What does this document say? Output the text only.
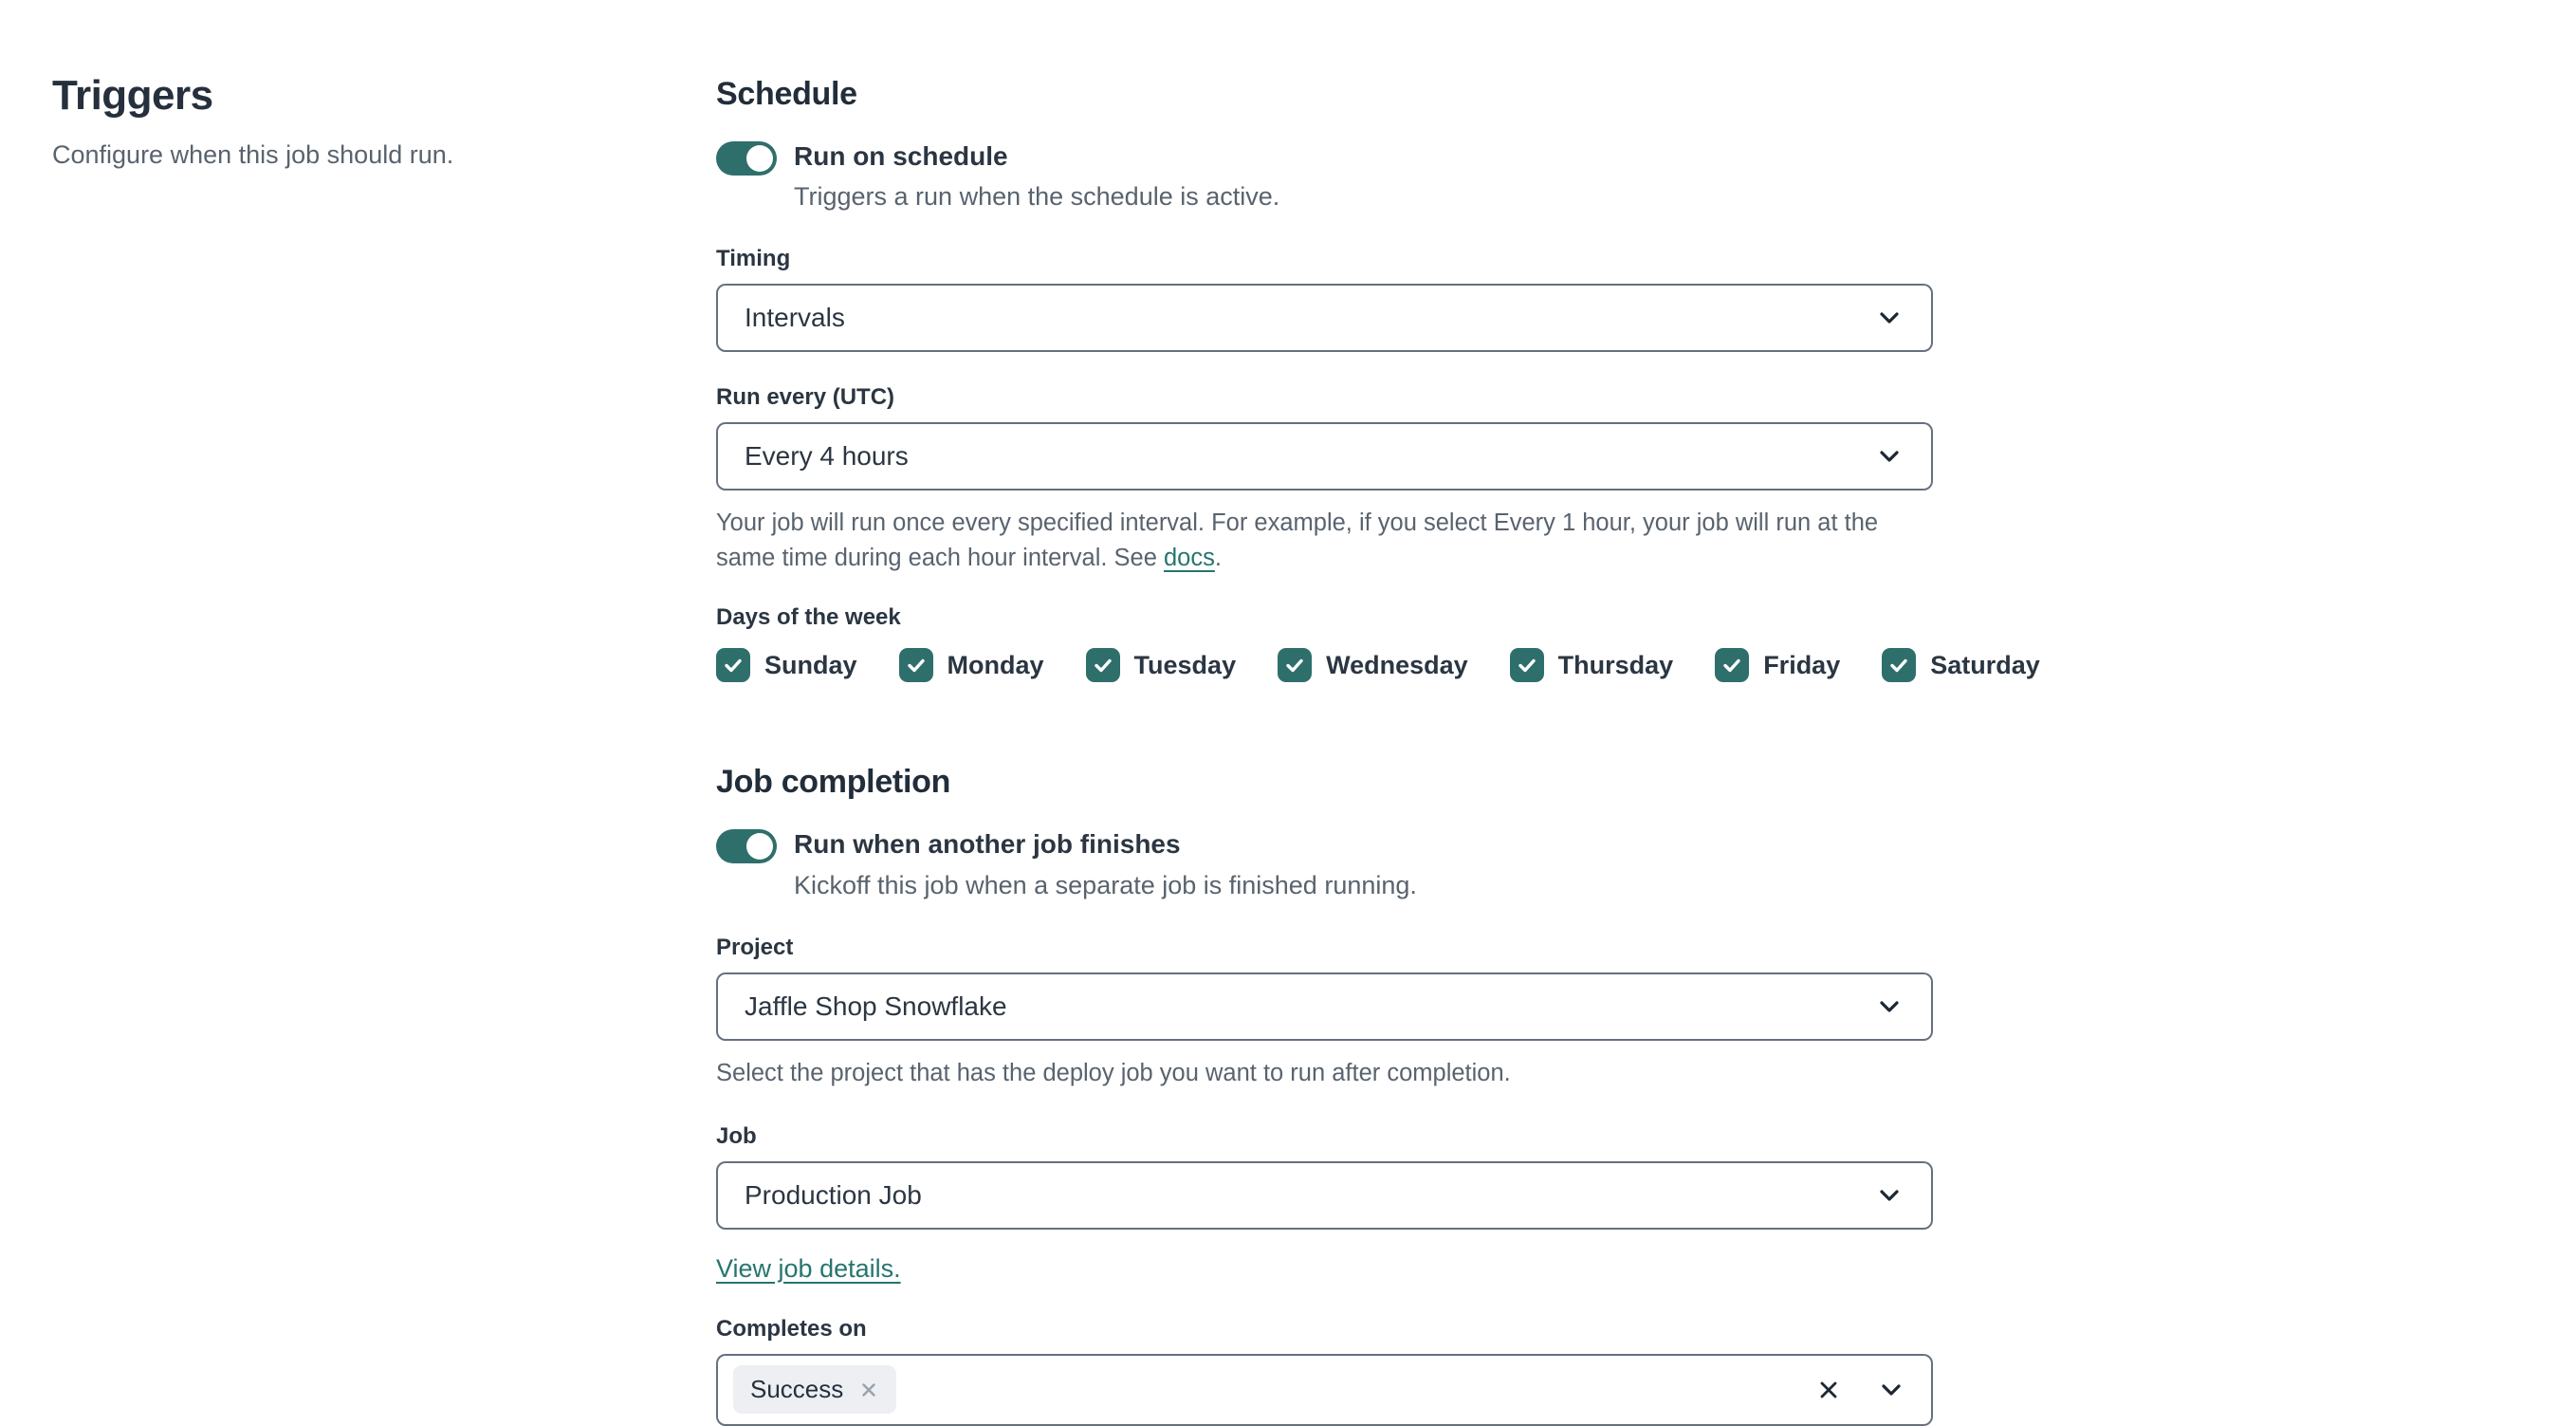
Triggers

Configure when this job should run.

Schedule
Run on schedule
Triggers a run when the schedule is active.
Timing
Intervals
Run every (UTC)
Every 4 hours

Your job will run once every specified interval. For example, if you select Every 1 hour, your job will run at the same time during each hour interval. See docs.

Days of the week
Sunday	Monday	Tuesday	Wednesday	Thursday	Friday	Saturday
Job completion
Run when another job finishes
Kickoff this job when a separate job is finished running.
Project
Jaffle Shop Snowflake

Select the project that has the deploy job you want to run after completion.

Job
Production Job
View job details.
Completes on
Success
